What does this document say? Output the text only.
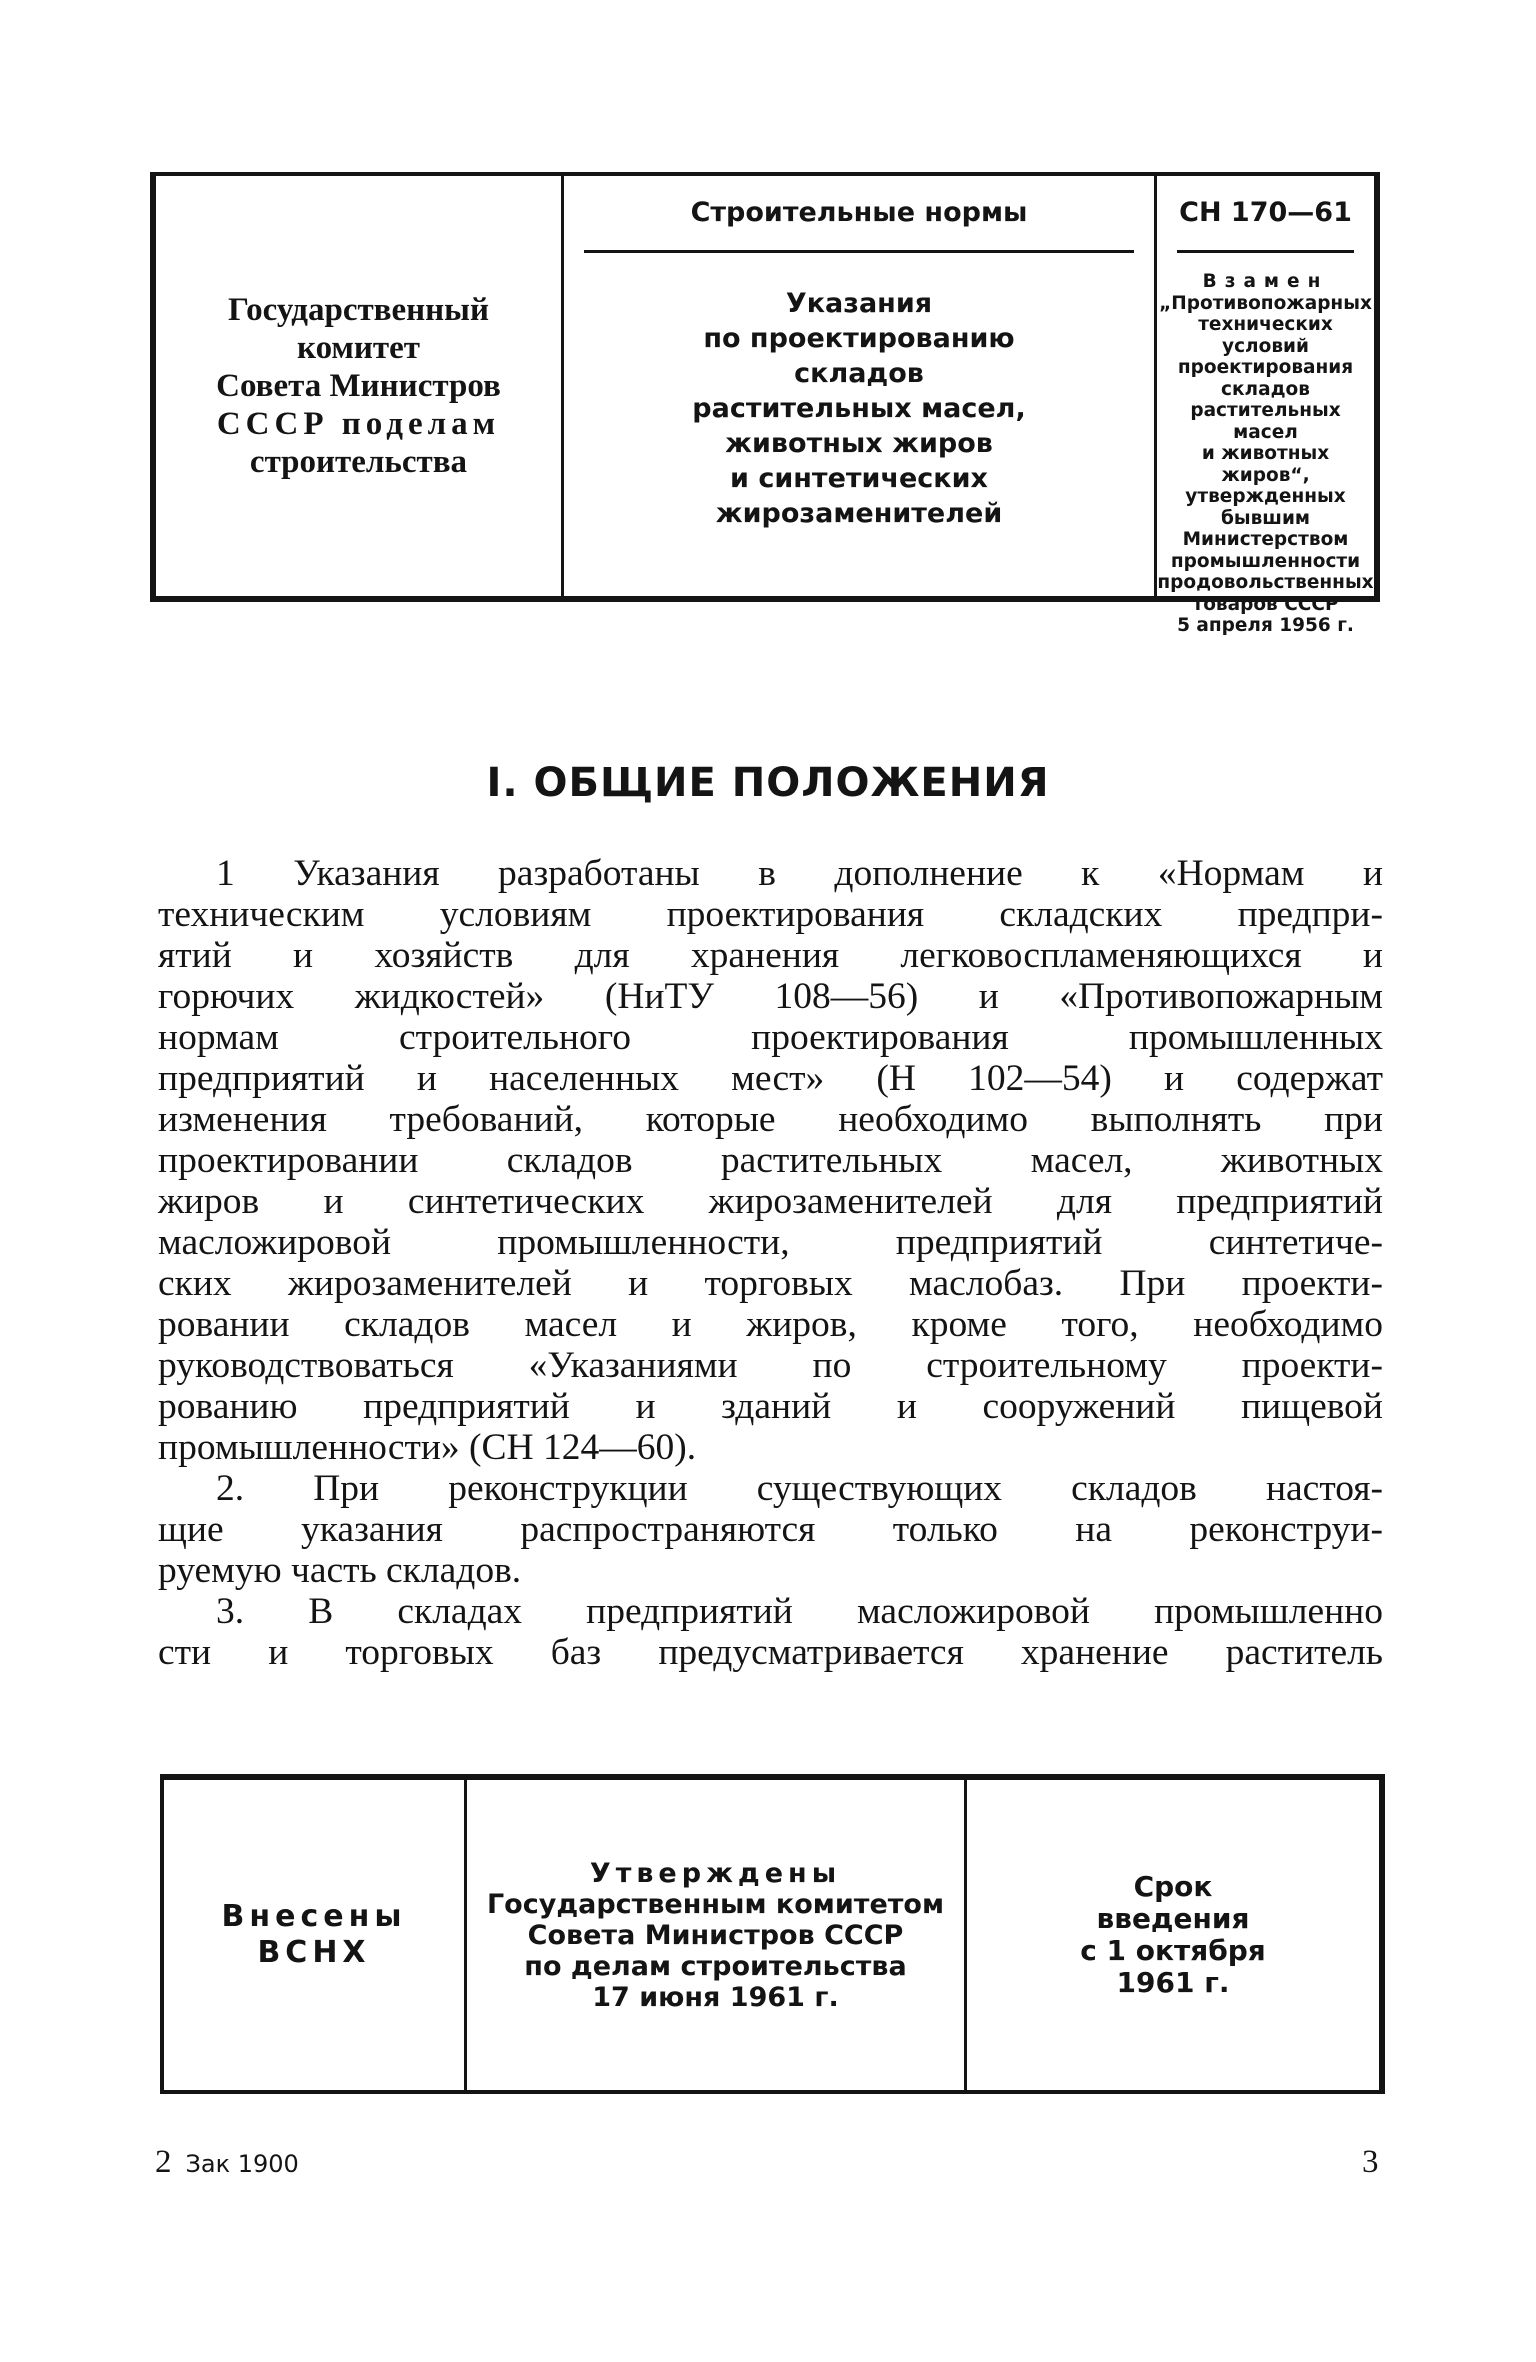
Государственный
комитет
Совета Министров
СССР поделам
строительства
Строительные нормы
Указания
по проектированию
складов
растительных масел,
животных жиров
и синтетических
жирозаменителей
СН 170—61
Взамен
„Противопожарных
технических условий
проектирования складов
растительных масел
и животных жиров“,
утвержденных бывшим
Министерством
промышленности
продовольственных
товаров СССР
5 апреля 1956 г.
I. ОБЩИЕ ПОЛОЖЕНИЯ
1 Указания разработаны в дополнение к «Нормам и
техническим условиям проектирования складских предпри-
ятий и хозяйств для хранения легковоспламеняющихся и
горючих жидкостей» (НиТУ 108—56) и «Противопожарным
нормам строительного проектирования промышленных
предприятий и населенных мест» (Н 102—54) и содержат
изменения требований, которые необходимо выполнять при
проектировании складов растительных масел, животных
жиров и синтетических жирозаменителей для предприятий
масложировой промышленности, предприятий синтетиче-
ских жирозаменителей и торговых маслобаз. При проекти-
ровании складов масел и жиров, кроме того, необходимо
руководствоваться «Указаниями по строительному проекти-
рованию предприятий и зданий и сооружений пищевой
промышленности» (СН 124—60).
2. При реконструкции существующих складов настоя-
щие указания распространяются только на реконструи-
руемую часть складов.
3. В складах предприятий масложировой промышленно
сти и торговых баз предусматривается хранение раститель
Внесены
ВСНХ
Утверждены
Государственным комитетом
Совета Министров СССР
по делам строительства
17 июня 1961 г.
Срок
введения
с 1 октября
1961 г.
2 Зак 1900	3
